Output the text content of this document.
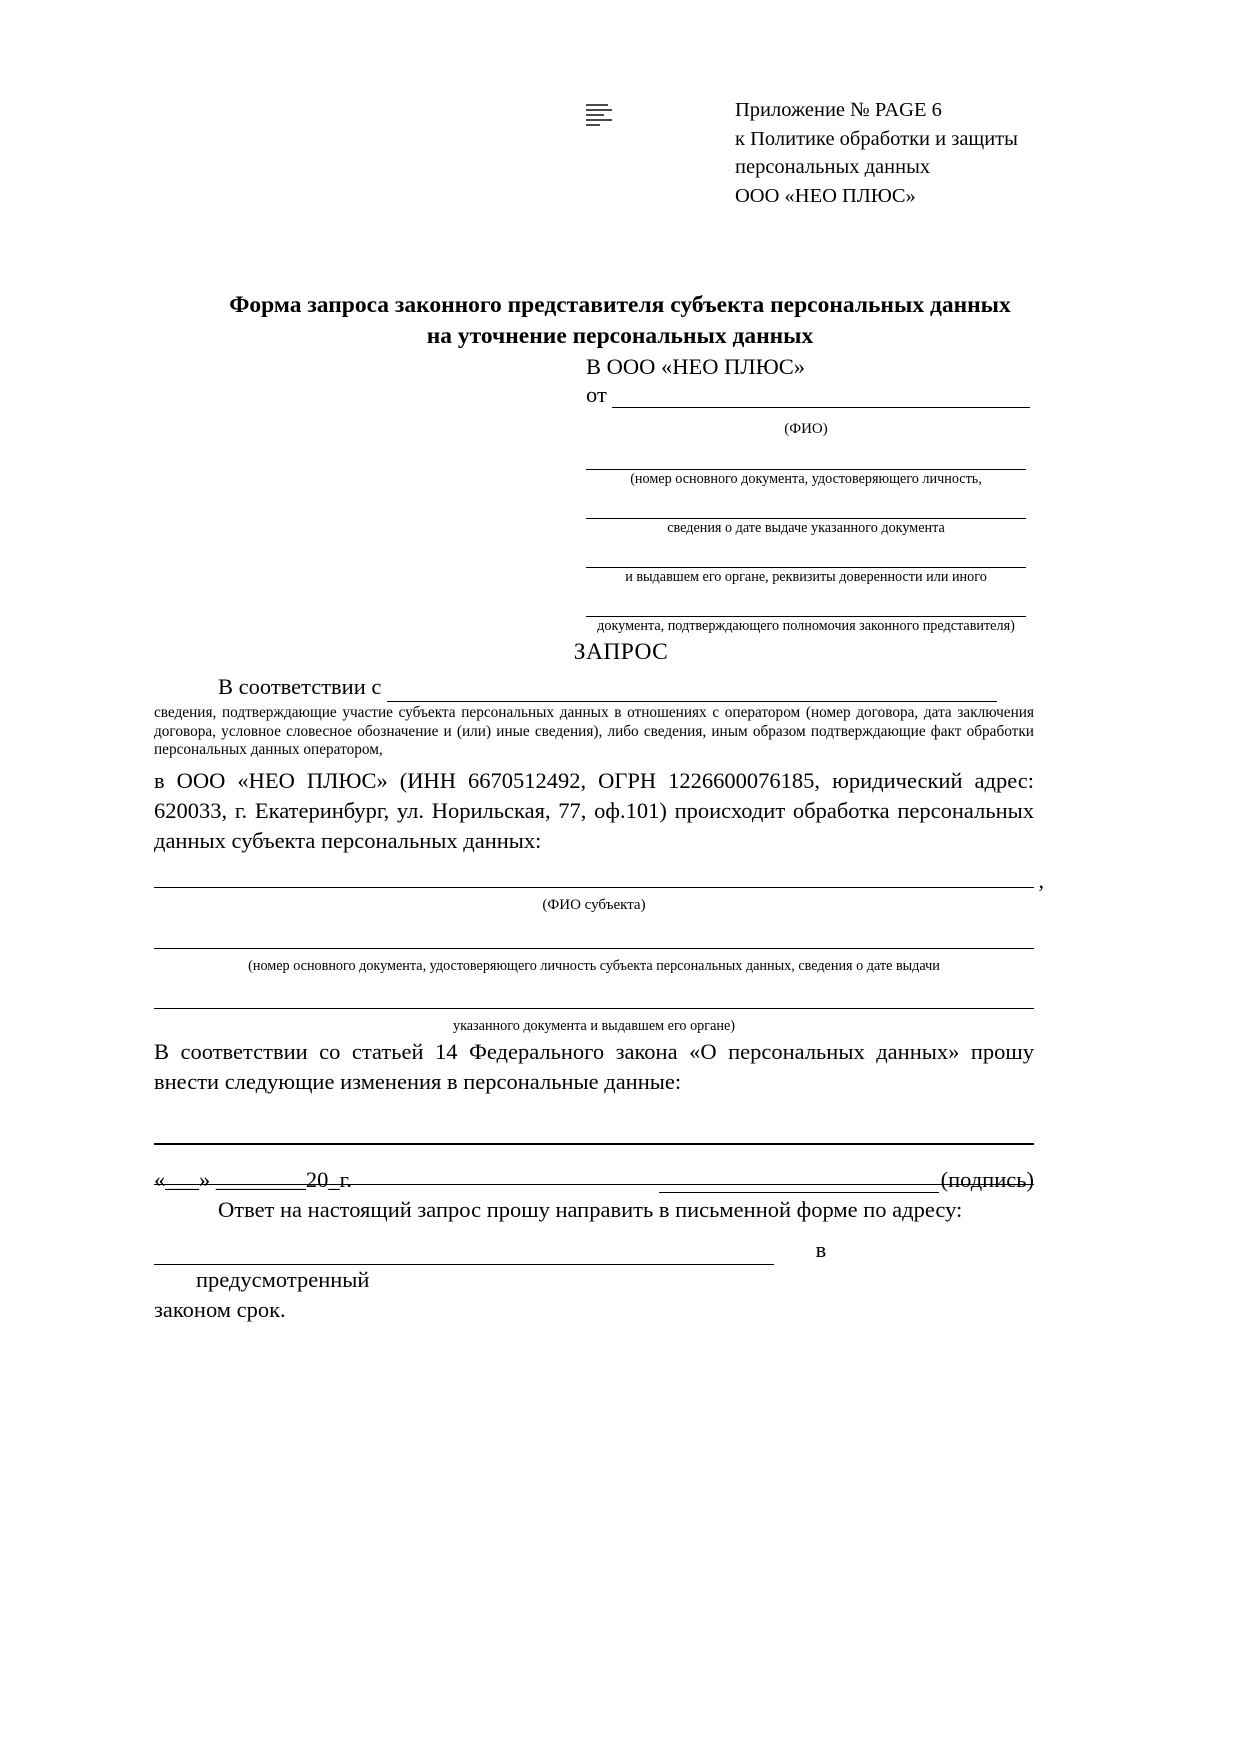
Приложение № PAGE 6
к Политике обработки и защиты
персональных данных
ООО «НЕО ПЛЮС»
Форма запроса законного представителя субъекта персональных данных
на уточнение персональных данных
В ООО «НЕО ПЛЮС»
от
(ФИО)
(номер основного документа, удостоверяющего личность,
сведения о дате выдаче указанного документа
и выдавшем его органе, реквизиты доверенности или иного
документа, подтверждающего полномочия законного представителя)
ЗАПРОС
В соответствии с

сведения, подтверждающие участие субъекта персональных данных в отношениях с оператором (номер договора, дата заключения договора, условное словесное обозначение и (или) иные сведения), либо сведения, иным образом подтверждающие факт обработки персональных данных оператором,

в ООО «НЕО ПЛЮС» (ИНН 6670512492, ОГРН 1226600076185, юридический адрес: 620033, г. Екатеринбург, ул. Норильская, 77, оф.101) происходит обработка персональных данных субъекта персональных данных:

,
(ФИО субъекта)
(номер основного документа, удостоверяющего личность субъекта персональных данных, сведения о дате выдачи
указанного документа и выдавшем его органе)

В соответствии со статьей 14 Федерального закона «О персональных данных» прошу внести следующие изменения в персональные данные:

Ответ на настоящий запрос прошу направить в письменной форме по адресу:

в предусмотренный

законом срок.

«___» ________20_г.	(подпись)
